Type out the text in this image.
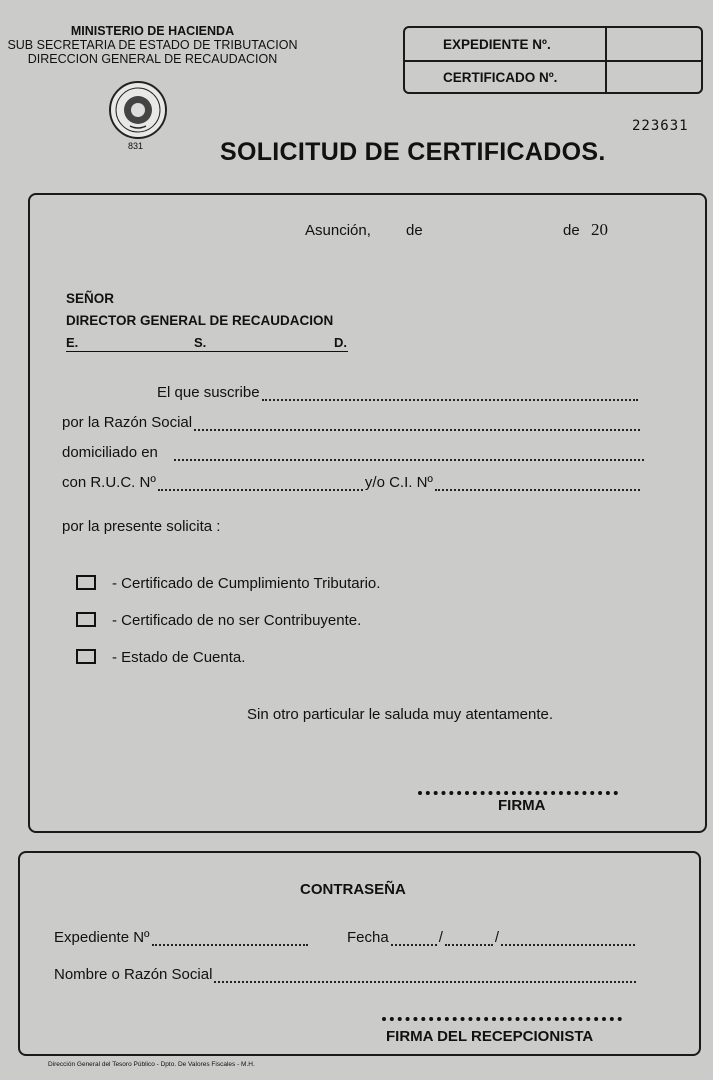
MINISTERIO DE HACIENDA
SUB SECRETARIA DE ESTADO DE TRIBUTACION
DIRECCION GENERAL DE RECAUDACION
831
EXPEDIENTE Nº.
CERTIFICADO Nº.
223631
SOLICITUD DE CERTIFICADOS.
Asunción, de	de 20
SEÑOR
DIRECTOR GENERAL DE RECAUDACION
E.	S.	D.
El que suscribe
por la Razón Social
domiciliado en
con R.U.C. Nº	y/o C.I. Nº
por la presente solicita :
- Certificado de Cumplimiento Tributario.
- Certificado de no ser Contribuyente.
- Estado de Cuenta.
Sin otro particular le saluda muy atentamente.
FIRMA
CONTRASEÑA
Expediente Nº	Fecha	/	/
Nombre o Razón Social
FIRMA DEL RECEPCIONISTA
Dirección General del Tesoro Público - Dpto. De Valores Fiscales - M.H.
